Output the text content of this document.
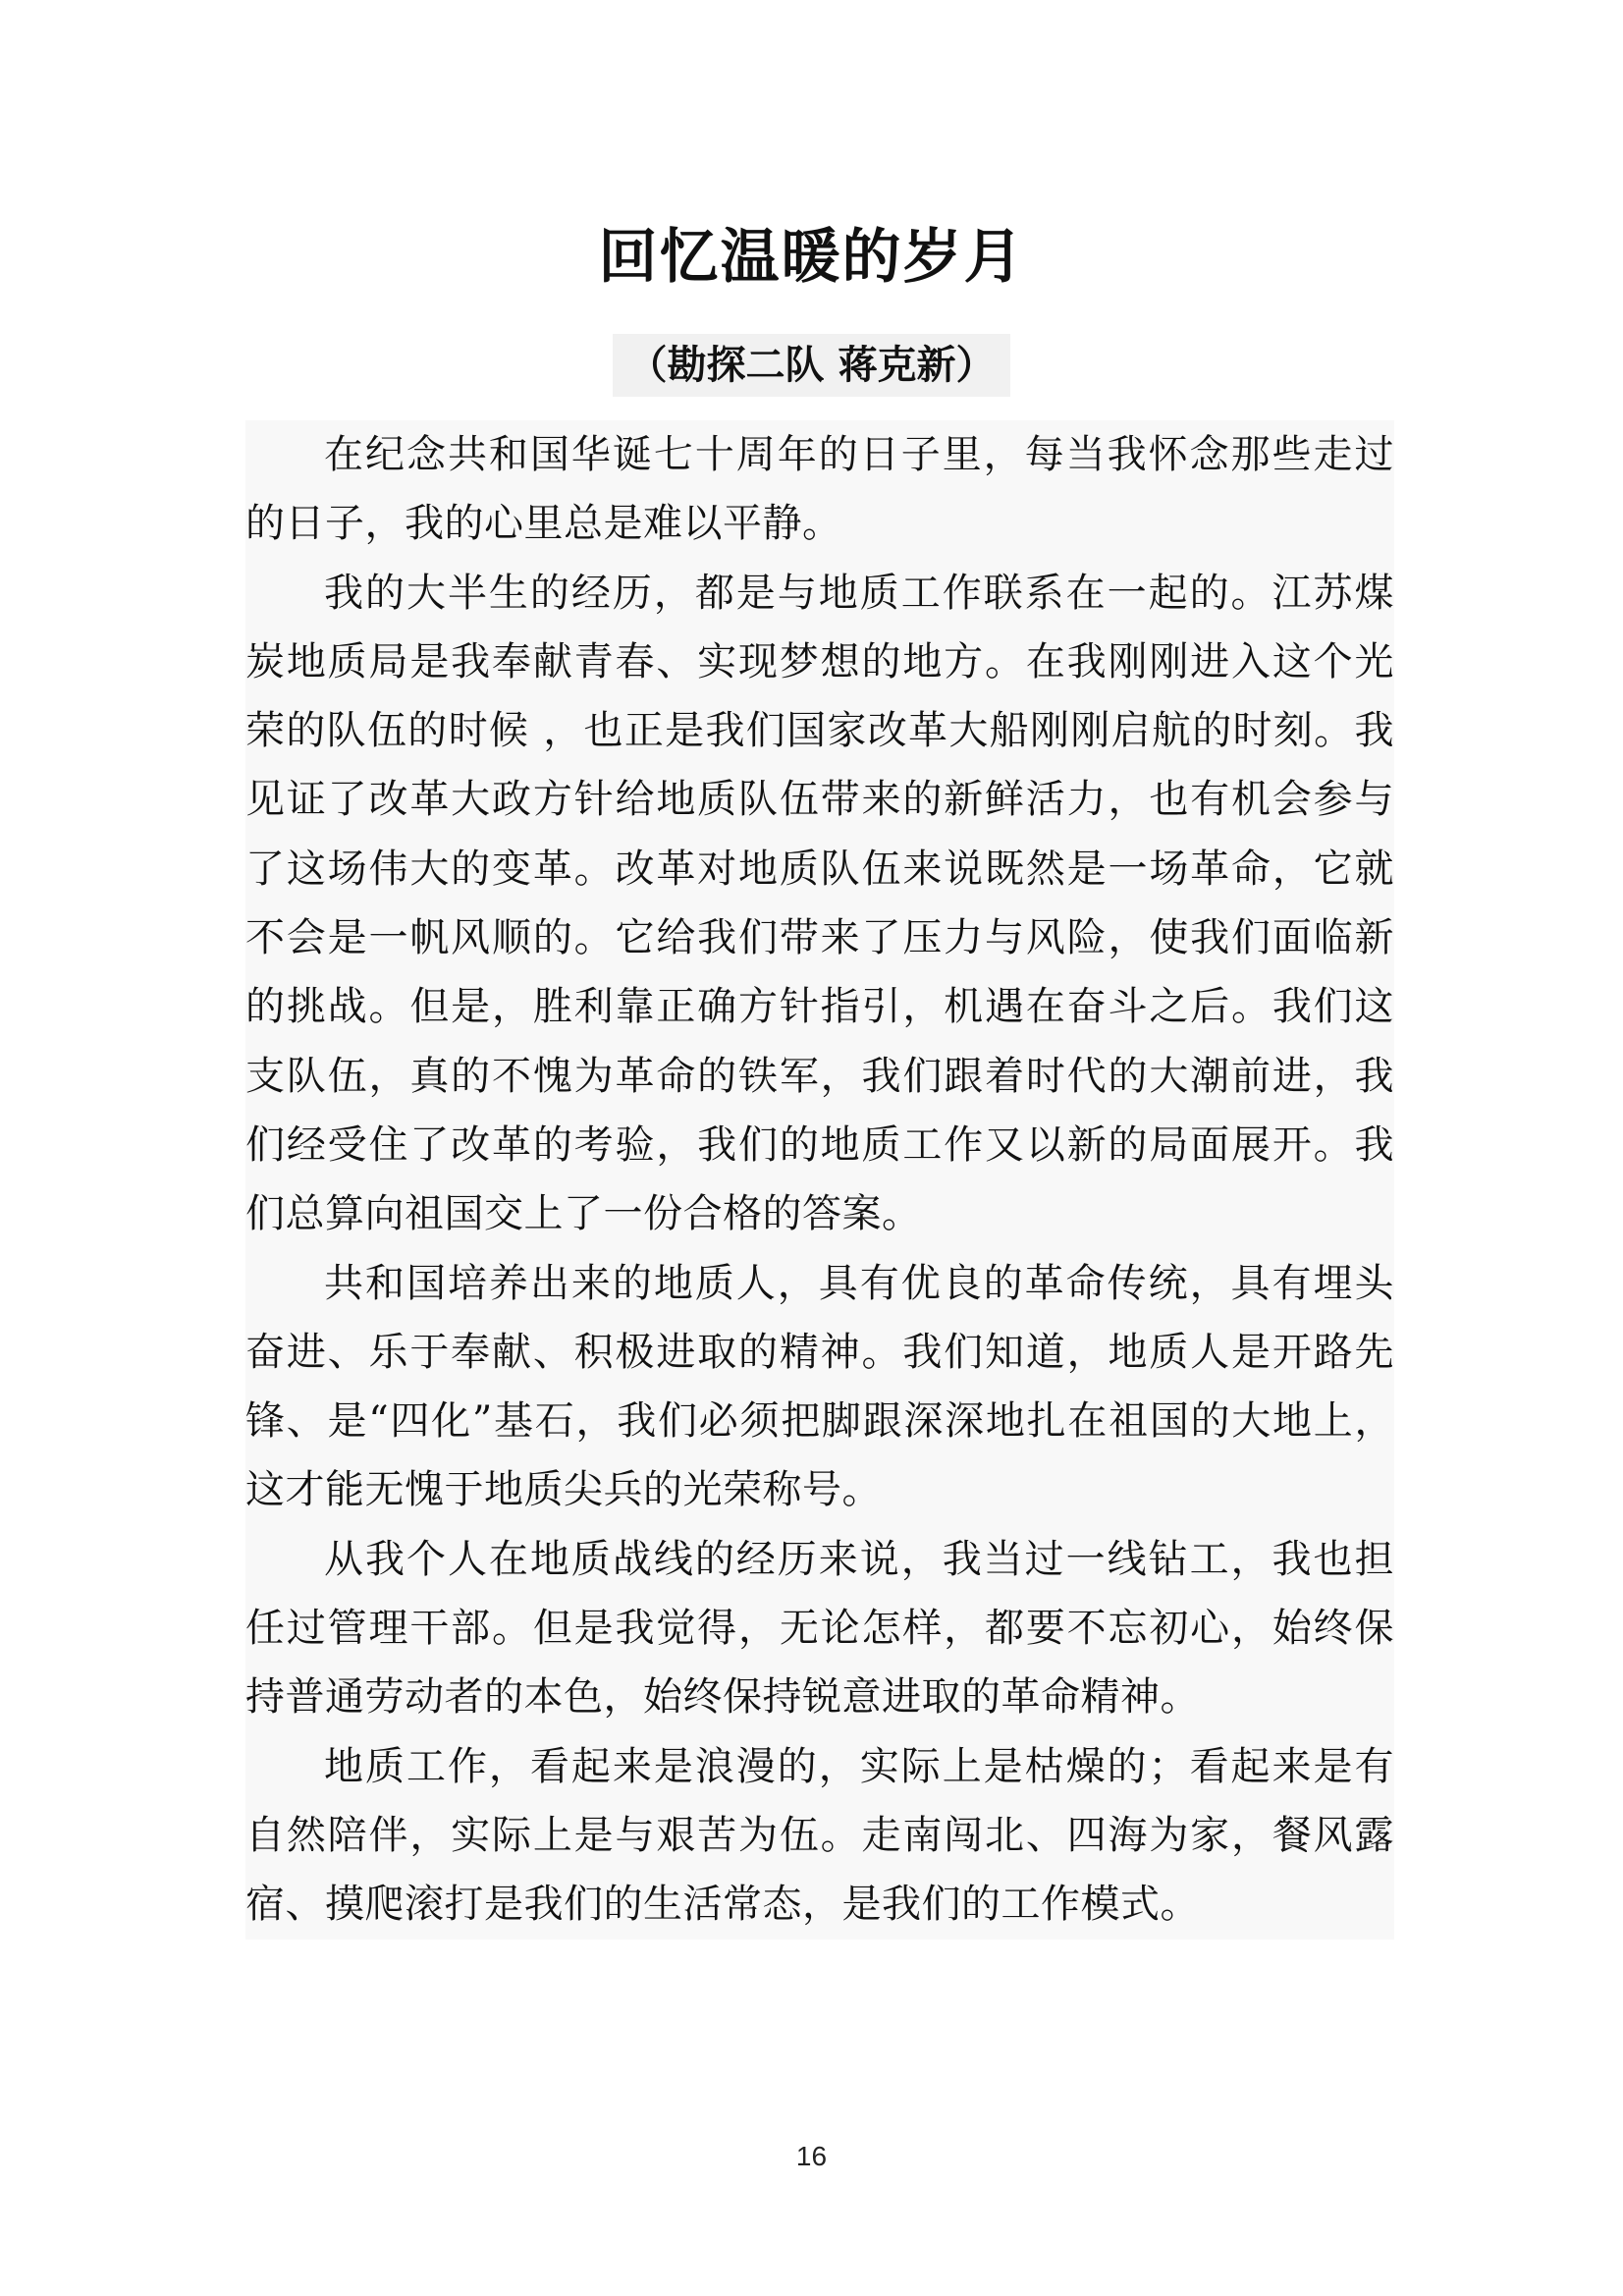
回忆温暖的岁月
（勘探二队 蒋克新）

在纪念共和国华诞七十周年的日子里，每当我怀念那些走过的日子，我的心里总是难以平静。

我的大半生的经历，都是与地质工作联系在一起的。江苏煤炭地质局是我奉献青春、实现梦想的地方。在我刚刚进入这个光荣的队伍的时候 ，也正是我们国家改革大船刚刚启航的时刻。我见证了改革大政方针给地质队伍带来的新鲜活力，也有机会参与了这场伟大的变革。改革对地质队伍来说既然是一场革命，它就不会是一帆风顺的。它给我们带来了压力与风险，使我们面临新的挑战。但是，胜利靠正确方针指引，机遇在奋斗之后。我们这支队伍，真的不愧为革命的铁军，我们跟着时代的大潮前进，我们经受住了改革的考验，我们的地质工作又以新的局面展开。我们总算向祖国交上了一份合格的答案。

共和国培养出来的地质人，具有优良的革命传统，具有埋头奋进、乐于奉献、积极进取的精神。我们知道，地质人是开路先锋、是“四化”基石，我们必须把脚跟深深地扎在祖国的大地上，这才能无愧于地质尖兵的光荣称号。

从我个人在地质战线的经历来说，我当过一线钻工，我也担任过管理干部。但是我觉得，无论怎样，都要不忘初心，始终保持普通劳动者的本色，始终保持锐意进取的革命精神。

地质工作，看起来是浪漫的，实际上是枯燥的；看起来是有自然陪伴，实际上是与艰苦为伍。走南闯北、四海为家，餐风露宿、摸爬滚打是我们的生活常态，是我们的工作模式。

16
